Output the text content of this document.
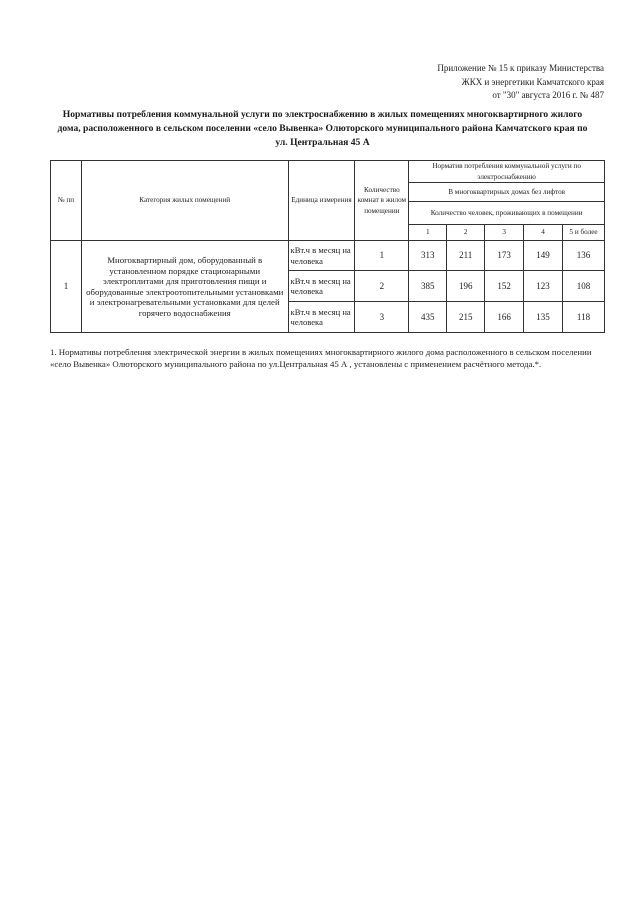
Приложение № 15 к приказу Министерства
ЖКХ и энергетики Камчатского края
от "30" августа 2016 г. № 487
Нормативы потребления коммунальной услуги по электроснабжению в жилых помещениях многоквартирного жилого
дома, расположенного в сельском поселении «село Вывенка» Олюторского муниципального района Камчатского края по
ул. Центральная 45 А
№ пп	Категория жилых помещений	Единица измерения	Количество комнат в жилом помещении	Норматив потребления коммунальной услуги по электроснабжению				
				В многоквартирных домах без лифтов				
				Количество человек, проживающих в помещении				
				1	2	3	4	5 и более
1	Многоквартирный дом, оборудованный в установленном порядке стационарными электроплитами для приготовления пищи и оборудованные электроотопительными установками и электронагревательными установками для целей горячего водоснабжения	кВт.ч в месяц на человека	1	313	211	173	149	136
		кВт.ч в месяц на человека	2	385	196	152	123	108
		кВт.ч в месяц на человека	3	435	215	166	135	118
1. Нормативы потребления электрической энергии в жилых помещениях многоквартирного жилого дома расположенного в сельском поселении «село Вывенка» Олюторского муниципального района по ул.Центральная 45 А , установлены с применением расчётного метода.*.
